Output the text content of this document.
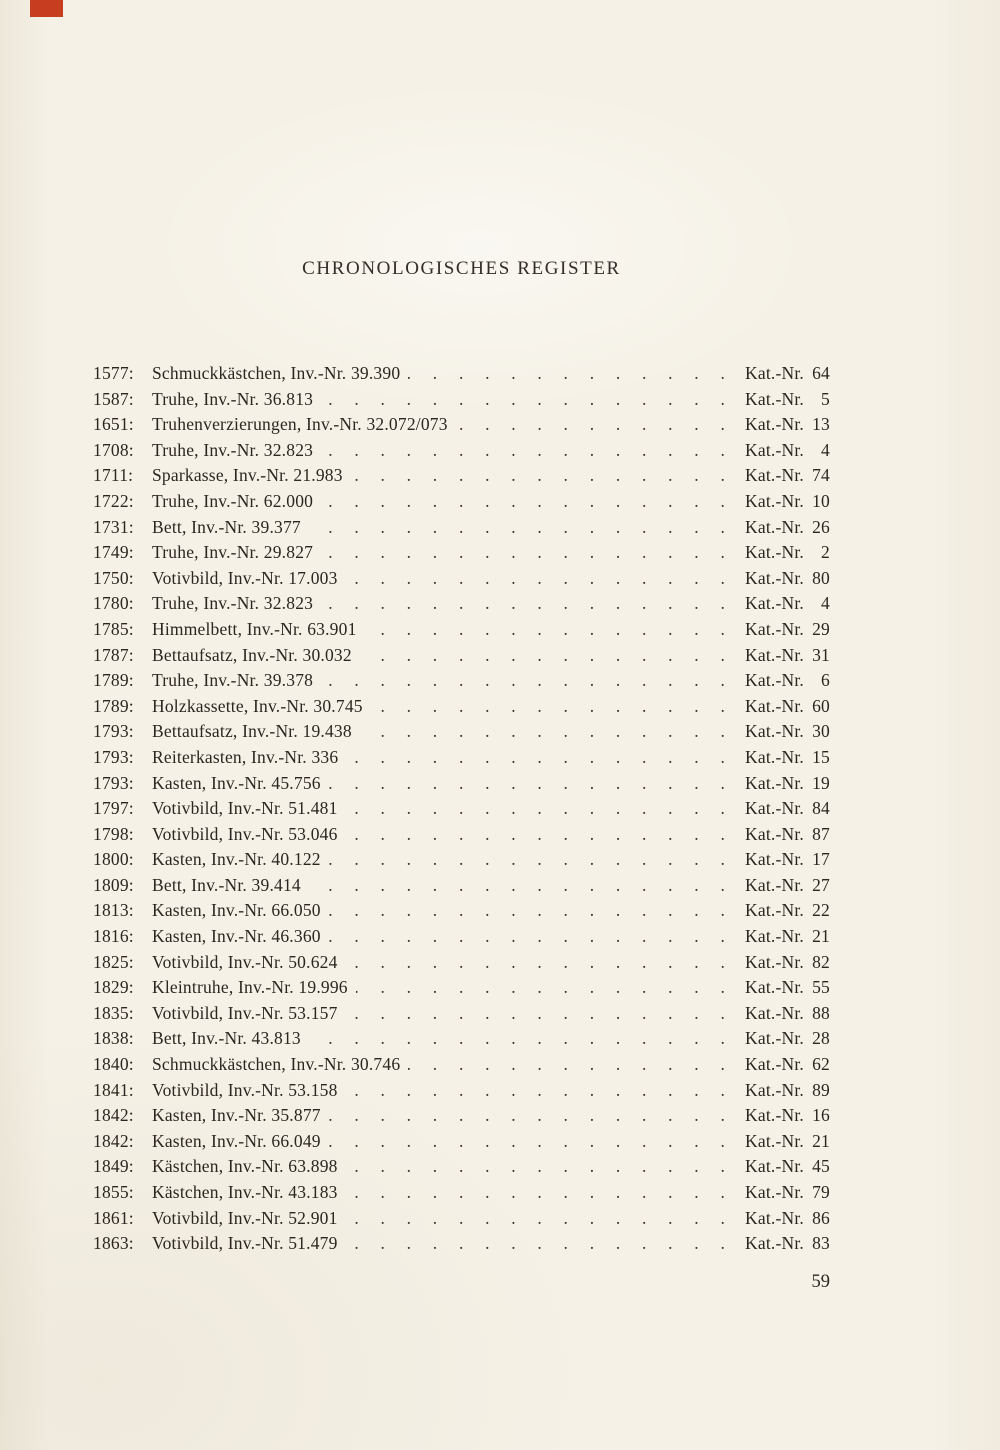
CHRONOLOGISCHES REGISTER
1577:	Schmuckkästchen, Inv.-Nr. 39.390 . . .	Kat.-Nr. 64
1587:	Truhe, Inv.-Nr. 36.813 . . .	Kat.-Nr. 5
1651:	Truhenverzierungen, Inv.-Nr. 32.072/073 . . .	Kat.-Nr. 13
1708:	Truhe, Inv.-Nr. 32.823 . . .	Kat.-Nr. 4
1711:	Sparkasse, Inv.-Nr. 21.983 . . .	Kat.-Nr. 74
1722:	Truhe, Inv.-Nr. 62.000 . . .	Kat.-Nr. 10
1731:	Bett, Inv.-Nr. 39.377 . . .	Kat.-Nr. 26
1749:	Truhe, Inv.-Nr. 29.827 . . .	Kat.-Nr. 2
1750:	Votivbild, Inv.-Nr. 17.003 . . .	Kat.-Nr. 80
1780:	Truhe, Inv.-Nr. 32.823 . . .	Kat.-Nr. 4
1785:	Himmelbett, Inv.-Nr. 63.901 . . .	Kat.-Nr. 29
1787:	Bettaufsatz, Inv.-Nr. 30.032 . . .	Kat.-Nr. 31
1789:	Truhe, Inv.-Nr. 39.378 . . .	Kat.-Nr. 6
1789:	Holzkassette, Inv.-Nr. 30.745 . . .	Kat.-Nr. 60
1793:	Bettaufsatz, Inv.-Nr. 19.438 . . .	Kat.-Nr. 30
1793:	Reiterkasten, Inv.-Nr. 336 . . .	Kat.-Nr. 15
1793:	Kasten, Inv.-Nr. 45.756 . . .	Kat.-Nr. 19
1797:	Votivbild, Inv.-Nr. 51.481 . . .	Kat.-Nr. 84
1798:	Votivbild, Inv.-Nr. 53.046 . . .	Kat.-Nr. 87
1800:	Kasten, Inv.-Nr. 40.122 . . .	Kat.-Nr. 17
1809:	Bett, Inv.-Nr. 39.414 . . .	Kat.-Nr. 27
1813:	Kasten, Inv.-Nr. 66.050 . . .	Kat.-Nr. 22
1816:	Kasten, Inv.-Nr. 46.360 . . .	Kat.-Nr. 21
1825:	Votivbild, Inv.-Nr. 50.624 . . .	Kat.-Nr. 82
1829:	Kleintruhe, Inv.-Nr. 19.996 . . .	Kat.-Nr. 55
1835:	Votivbild, Inv.-Nr. 53.157 . . .	Kat.-Nr. 88
1838:	Bett, Inv.-Nr. 43.813 . . .	Kat.-Nr. 28
1840:	Schmuckkästchen, Inv.-Nr. 30.746 . . .	Kat.-Nr. 62
1841:	Votivbild, Inv.-Nr. 53.158 . . .	Kat.-Nr. 89
1842:	Kasten, Inv.-Nr. 35.877 . . .	Kat.-Nr. 16
1842:	Kasten, Inv.-Nr. 66.049 . . .	Kat.-Nr. 21
1849:	Kästchen, Inv.-Nr. 63.898 . . .	Kat.-Nr. 45
1855:	Kästchen, Inv.-Nr. 43.183 . . .	Kat.-Nr. 79
1861:	Votivbild, Inv.-Nr. 52.901 . . .	Kat.-Nr. 86
1863:	Votivbild, Inv.-Nr. 51.479 . . .	Kat.-Nr. 83
59
